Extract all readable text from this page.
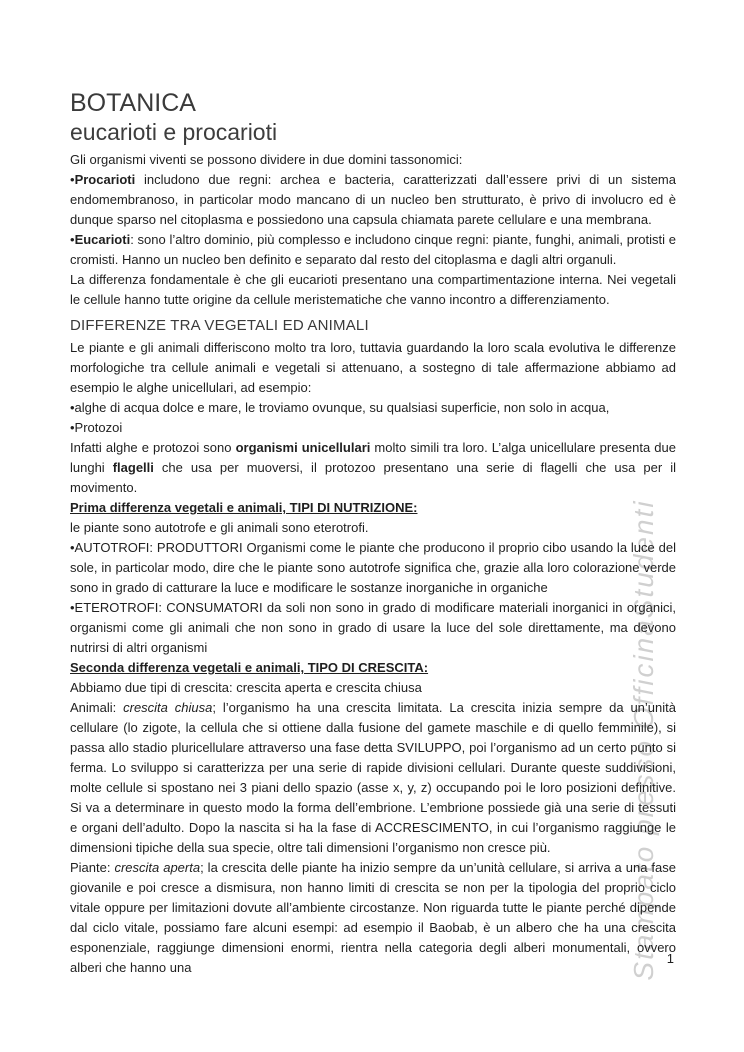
Stampato presso OfficinaStudenti
BOTANICA
eucarioti e procarioti

Gli organismi viventi se possono dividere in due domini tassonomici:

•Procarioti includono due regni: archea e bacteria, caratterizzati dall’essere privi di un sistema endomembranoso, in particolar modo mancano di un nucleo ben strutturato, è privo di involucro ed è dunque sparso nel citoplasma e possiedono una capsula chiamata parete cellulare e una membrana.

•Eucarioti: sono l’altro dominio, più complesso e includono cinque regni: piante, funghi, animali, protisti e cromisti. Hanno un nucleo ben definito e separato dal resto del citoplasma e dagli altri organuli.

La differenza fondamentale è che gli eucarioti presentano una compartimentazione interna. Nei vegetali le cellule hanno tutte origine da cellule meristematiche che vanno incontro a differenziamento.

DIFFERENZE TRA VEGETALI ED ANIMALI

Le piante e gli animali differiscono molto tra loro, tuttavia guardando la loro scala evolutiva le differenze morfologiche tra cellule animali e vegetali si attenuano, a sostegno di tale affermazione abbiamo ad esempio le alghe unicellulari, ad esempio:

•alghe di acqua dolce e mare, le troviamo ovunque, su qualsiasi superficie, non solo in acqua,

•Protozoi

Infatti alghe e protozoi sono organismi unicellulari molto simili tra loro. L’alga unicellulare presenta due lunghi flagelli che usa per muoversi, il protozoo presentano una serie di flagelli che usa per il movimento.

Prima differenza vegetali e animali, TIPI DI NUTRIZIONE:

le piante sono autotrofe e gli animali sono eterotrofi.

•AUTOTROFI: PRODUTTORI Organismi come le piante che producono il proprio cibo usando la luce del sole, in particolar modo, dire che le piante sono autotrofe significa che, grazie alla loro colorazione verde sono in grado di catturare la luce e modificare le sostanze inorganiche in organiche

•ETEROTROFI: CONSUMATORI da soli non sono in grado di modificare materiali inorganici in organici, organismi come gli animali che non sono in grado di usare la luce del sole direttamente, ma devono nutrirsi di altri organismi

Seconda differenza vegetali e animali, TIPO DI CRESCITA:

Abbiamo due tipi di crescita: crescita aperta e crescita chiusa

Animali: crescita chiusa; l’organismo ha una crescita limitata. La crescita inizia sempre da un’unità cellulare (lo zigote, la cellula che si ottiene dalla fusione del gamete maschile e di quello femminile), si passa allo stadio pluricellulare attraverso una fase detta SVILUPPO, poi l’organismo ad un certo punto si ferma. Lo sviluppo si caratterizza per una serie di rapide divisioni cellulari. Durante queste suddivisioni, molte cellule si spostano nei 3 piani dello spazio (asse x, y, z) occupando poi le loro posizioni definitive. Si va a determinare in questo modo la forma dell’embrione. L’embrione possiede già una serie di tessuti e organi dell’adulto. Dopo la nascita si ha la fase di ACCRESCIMENTO, in cui l’organismo raggiunge le dimensioni tipiche della sua specie, oltre tali dimensioni l’organismo non cresce più.

Piante: crescita aperta; la crescita delle piante ha inizio sempre da un’unità cellulare, si arriva a una fase giovanile e poi cresce a dismisura, non hanno limiti di crescita se non per la tipologia del proprio ciclo vitale oppure per limitazioni dovute all’ambiente circostanze. Non riguarda tutte le piante perché dipende dal ciclo vitale, possiamo fare alcuni esempi: ad esempio il Baobab, è un albero che ha una crescita esponenziale, raggiunge dimensioni enormi, rientra nella categoria degli alberi monumentali, ovvero alberi che hanno una

1
